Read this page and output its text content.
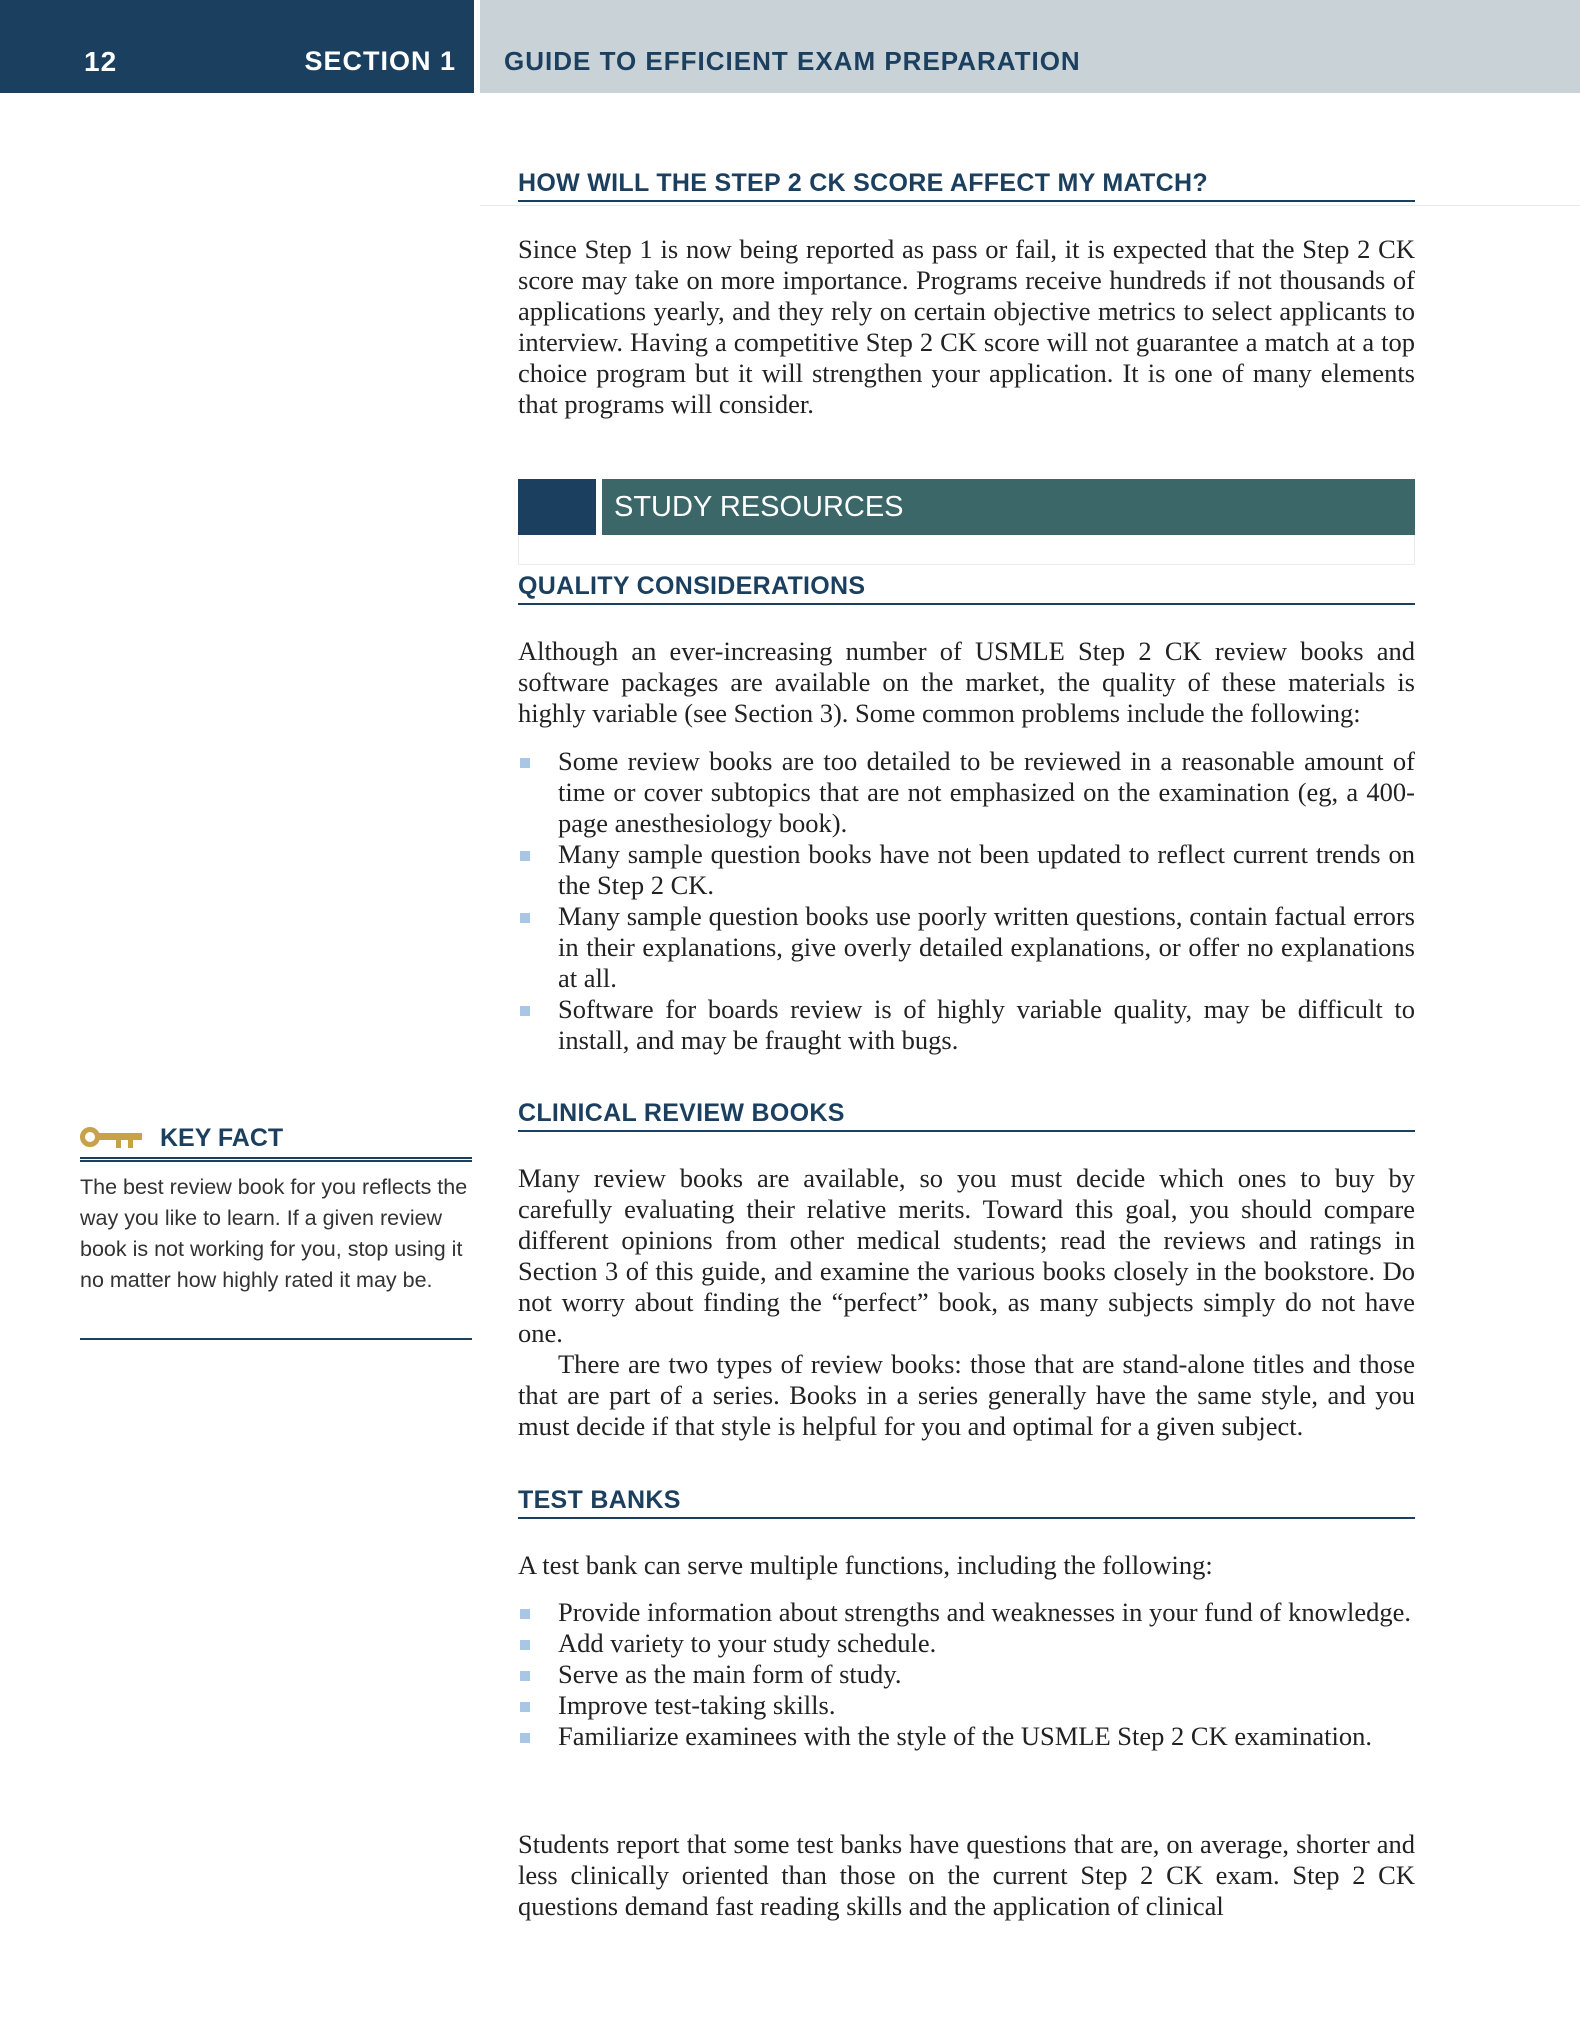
12	SECTION 1 GUIDE TO EFFICIENT EXAM PREPARATION
HOW WILL THE STEP 2 CK SCORE AFFECT MY MATCH?

Since Step 1 is now being reported as pass or fail, it is expected that the Step 2 CK score may take on more importance. Programs receive hundreds if not thousands of applications yearly, and they rely on certain objective metrics to select applicants to interview. Having a competitive Step 2 CK score will not guarantee a match at a top choice program but it will strengthen your application. It is one of many elements that programs will consider.

STUDY RESOURCES
QUALITY CONSIDERATIONS

Although an ever-increasing number of USMLE Step 2 CK review books and software packages are available on the market, the quality of these materials is highly variable (see Section 3). Some common problems include the following:

Some review books are too detailed to be reviewed in a reasonable amount of time or cover subtopics that are not emphasized on the examination (eg, a 400-page anesthesiology book).
Many sample question books have not been updated to reflect current trends on the Step 2 CK.
Many sample question books use poorly written questions, contain factual errors in their explanations, give overly detailed explanations, or offer no explanations at all.
Software for boards review is of highly variable quality, may be difficult to install, and may be fraught with bugs.
CLINICAL REVIEW BOOKS

Many review books are available, so you must decide which ones to buy by carefully evaluating their relative merits. Toward this goal, you should compare different opinions from other medical students; read the reviews and ratings in Section 3 of this guide, and examine the various books closely in the bookstore. Do not worry about finding the “perfect” book, as many subjects simply do not have one.

There are two types of review books: those that are stand-alone titles and those that are part of a series. Books in a series generally have the same style, and you must decide if that style is helpful for you and optimal for a given subject.

TEST BANKS

A test bank can serve multiple functions, including the following:

Provide information about strengths and weaknesses in your fund of knowledge.
Add variety to your study schedule.
Serve as the main form of study.
Improve test-taking skills.
Familiarize examinees with the style of the USMLE Step 2 CK examination.

Students report that some test banks have questions that are, on average, shorter and less clinically oriented than those on the current Step 2 CK exam. Step 2 CK questions demand fast reading skills and the application of clinical

KEY FACT

The best review book for you reflects the way you like to learn. If a given review book is not working for you, stop using it no matter how highly rated it may be.
